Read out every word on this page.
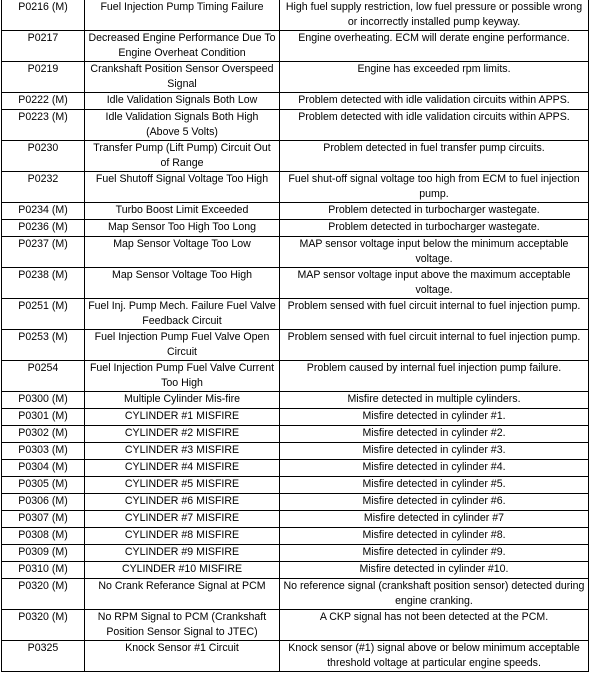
P0216 (M)	Fuel Injection Pump Timing Failure	High fuel supply restriction, low fuel pressure or possible wrong or incorrectly installed pump keyway.
P0217	Decreased Engine Performance Due To Engine Overheat Condition	Engine overheating. ECM will derate engine performance.
P0219	Crankshaft Position Sensor Overspeed Signal	Engine has exceeded rpm limits.
P0222 (M)	Idle Validation Signals Both Low	Problem detected with idle validation circuits within APPS.
P0223 (M)	Idle Validation Signals Both High (Above 5 Volts)	Problem detected with idle validation circuits within APPS.
P0230	Transfer Pump (Lift Pump) Circuit Out of Range	Problem detected in fuel transfer pump circuits.
P0232	Fuel Shutoff Signal Voltage Too High	Fuel shut-off signal voltage too high from ECM to fuel injection pump.
P0234 (M)	Turbo Boost Limit Exceeded	Problem detected in turbocharger wastegate.
P0236 (M)	Map Sensor Too High Too Long	Problem detected in turbocharger wastegate.
P0237 (M)	Map Sensor Voltage Too Low	MAP sensor voltage input below the minimum acceptable voltage.
P0238 (M)	Map Sensor Voltage Too High	MAP sensor voltage input above the maximum acceptable voltage.
P0251 (M)	Fuel Inj. Pump Mech. Failure Fuel Valve Feedback Circuit	Problem sensed with fuel circuit internal to fuel injection pump.
P0253 (M)	Fuel Injection Pump Fuel Valve Open Circuit	Problem sensed with fuel circuit internal to fuel injection pump.
P0254	Fuel Injection Pump Fuel Valve Current Too High	Problem caused by internal fuel injection pump failure.
P0300 (M)	Multiple Cylinder Mis-fire	Misfire detected in multiple cylinders.
P0301 (M)	CYLINDER #1 MISFIRE	Misfire detected in cylinder #1.
P0302 (M)	CYLINDER #2 MISFIRE	Misfire detected in cylinder #2.
P0303 (M)	CYLINDER #3 MISFIRE	Misfire detected in cylinder #3.
P0304 (M)	CYLINDER #4 MISFIRE	Misfire detected in cylinder #4.
P0305 (M)	CYLINDER #5 MISFIRE	Misfire detected in cylinder #5.
P0306 (M)	CYLINDER #6 MISFIRE	Misfire detected in cylinder #6.
P0307 (M)	CYLINDER #7 MISFIRE	Misfire detected in cylinder #7
P0308 (M)	CYLINDER #8 MISFIRE	Misfire detected in cylinder #8.
P0309 (M)	CYLINDER #9 MISFIRE	Misfire detected in cylinder #9.
P0310 (M)	CYLINDER #10 MISFIRE	Misfire detected in cylinder #10.
P0320 (M)	No Crank Referance Signal at PCM	No reference signal (crankshaft position sensor) detected during engine cranking.
P0320 (M)	No RPM Signal to PCM (Crankshaft Position Sensor Signal to JTEC)	A CKP signal has not been detected at the PCM.
P0325	Knock Sensor #1 Circuit	Knock sensor (#1) signal above or below minimum acceptable threshold voltage at particular engine speeds.
